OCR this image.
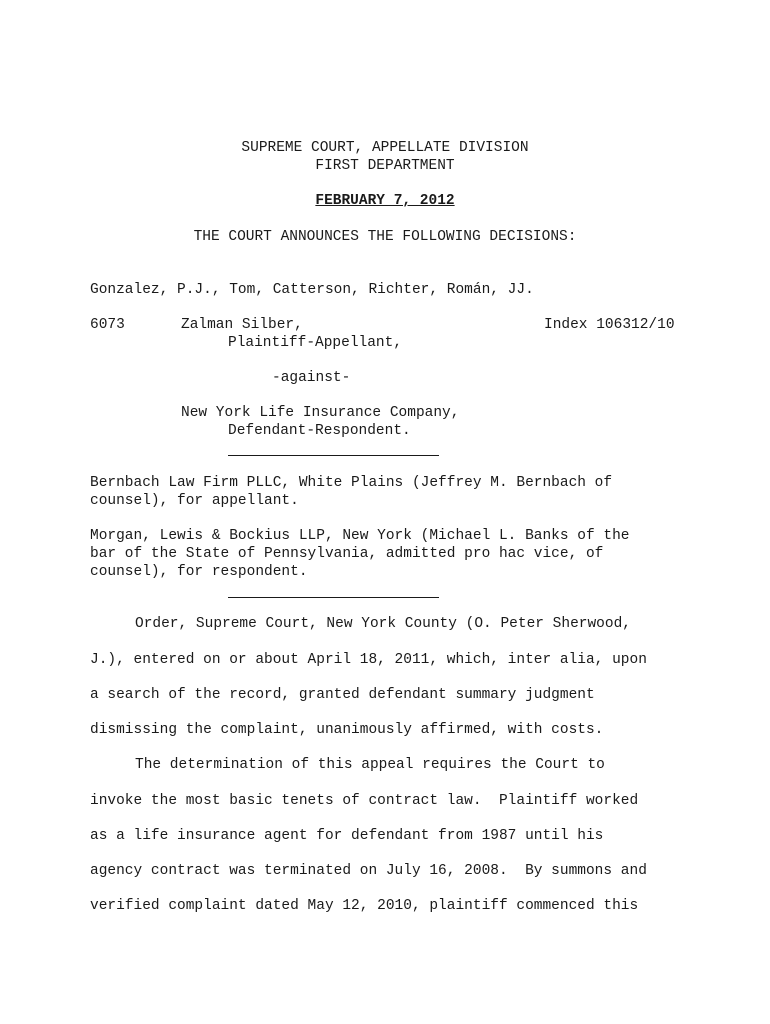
SUPREME COURT, APPELLATE DIVISION
FIRST DEPARTMENT
FEBRUARY 7, 2012
THE COURT ANNOUNCES THE FOLLOWING DECISIONS:
Gonzalez, P.J., Tom, Catterson, Richter, Román, JJ.
6073	Zalman Silber,	Index 106312/10
Plaintiff-Appellant,
-against-
New York Life Insurance Company,
Defendant-Respondent.
Bernbach Law Firm PLLC, White Plains (Jeffrey M. Bernbach of
counsel), for appellant.
Morgan, Lewis & Bockius LLP, New York (Michael L. Banks of the
bar of the State of Pennsylvania, admitted pro hac vice, of
counsel), for respondent.
Order, Supreme Court, New York County (O. Peter Sherwood,
J.), entered on or about April 18, 2011, which, inter alia, upon
a search of the record, granted defendant summary judgment
dismissing the complaint, unanimously affirmed, with costs.
The determination of this appeal requires the Court to
invoke the most basic tenets of contract law.  Plaintiff worked
as a life insurance agent for defendant from 1987 until his
agency contract was terminated on July 16, 2008.  By summons and
verified complaint dated May 12, 2010, plaintiff commenced this
